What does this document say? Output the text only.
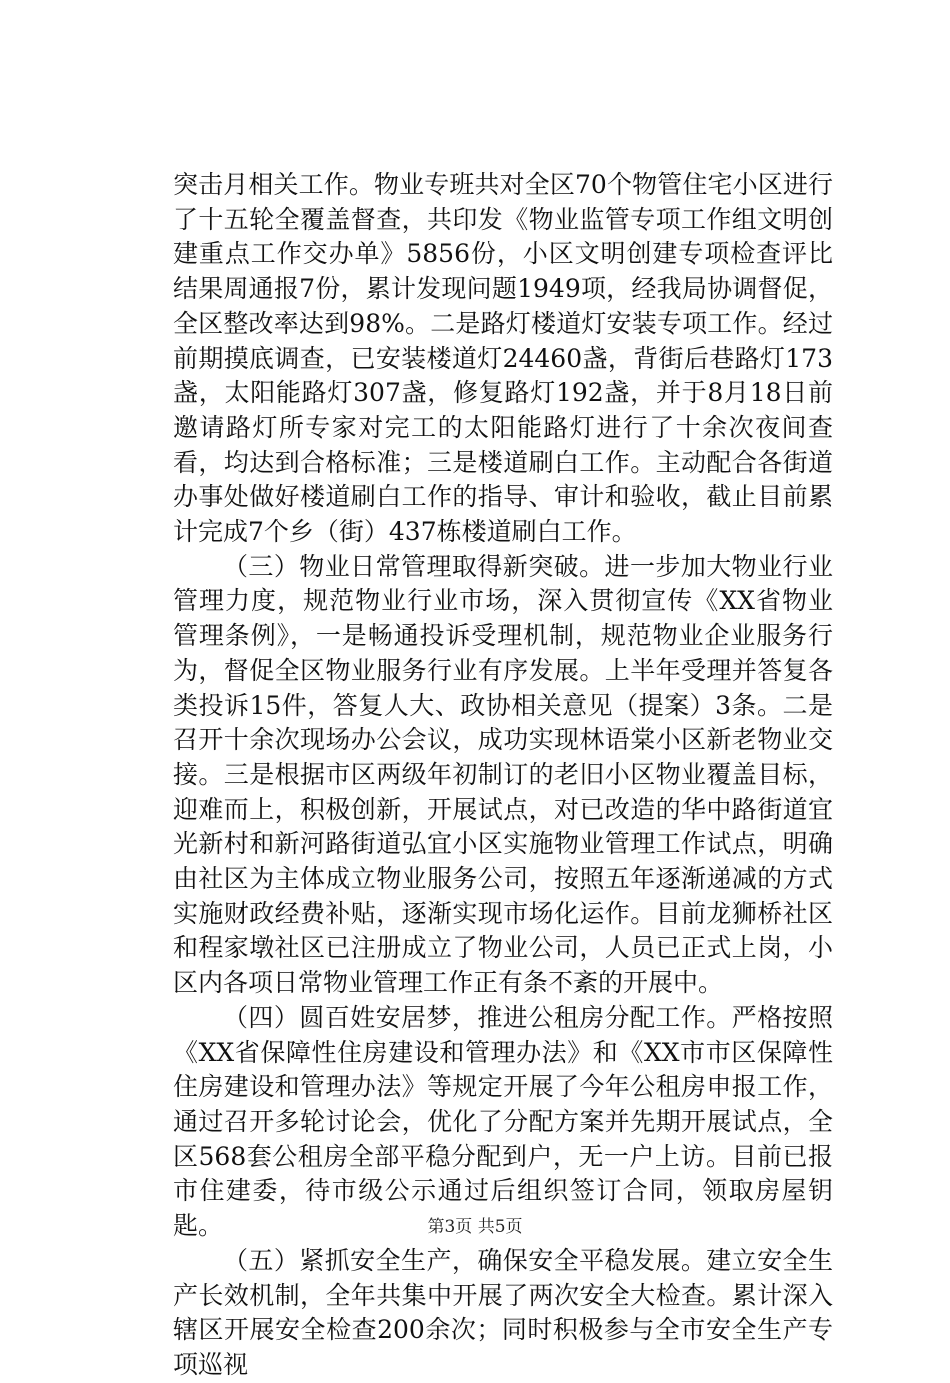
突击月相关工作。物业专班共对全区70个物管住宅小区进行了十五轮全覆盖督查，共印发《物业监管专项工作组文明创建重点工作交办单》5856份，小区文明创建专项检查评比结果周通报7份，累计发现问题1949项，经我局协调督促，全区整改率达到98%。二是路灯楼道灯安装专项工作。经过前期摸底调查，已安装楼道灯24460盏，背街后巷路灯173盏，太阳能路灯307盏，修复路灯192盏，并于8月18日前邀请路灯所专家对完工的太阳能路灯进行了十余次夜间查看，均达到合格标准；三是楼道刷白工作。主动配合各街道办事处做好楼道刷白工作的指导、审计和验收，截止目前累计完成7个乡（街）437栋楼道刷白工作。

（三）物业日常管理取得新突破。进一步加大物业行业管理力度，规范物业行业市场，深入贯彻宣传《XX省物业管理条例》，一是畅通投诉受理机制，规范物业企业服务行为，督促全区物业服务行业有序发展。上半年受理并答复各类投诉15件，答复人大、政协相关意见（提案）3条。二是召开十余次现场办公会议，成功实现林语棠小区新老物业交接。三是根据市区两级年初制订的老旧小区物业覆盖目标，迎难而上，积极创新，开展试点，对已改造的华中路街道宜光新村和新河路街道弘宜小区实施物业管理工作试点，明确由社区为主体成立物业服务公司，按照五年逐渐递减的方式实施财政经费补贴，逐渐实现市场化运作。目前龙狮桥社区和程家墩社区已注册成立了物业公司，人员已正式上岗，小区内各项日常物业管理工作正有条不紊的开展中。

（四）圆百姓安居梦，推进公租房分配工作。严格按照《XX省保障性住房建设和管理办法》和《XX市市区保障性住房建设和管理办法》等规定开展了今年公租房申报工作，通过召开多轮讨论会，优化了分配方案并先期开展试点，全区568套公租房全部平稳分配到户，无一户上访。目前已报市住建委，待市级公示通过后组织签订合同，领取房屋钥匙。

（五）紧抓安全生产，确保安全平稳发展。建立安全生产长效机制，全年共集中开展了两次安全大检查。累计深入辖区开展安全检查200余次；同时积极参与全市安全生产专项巡视

第3页 共5页
